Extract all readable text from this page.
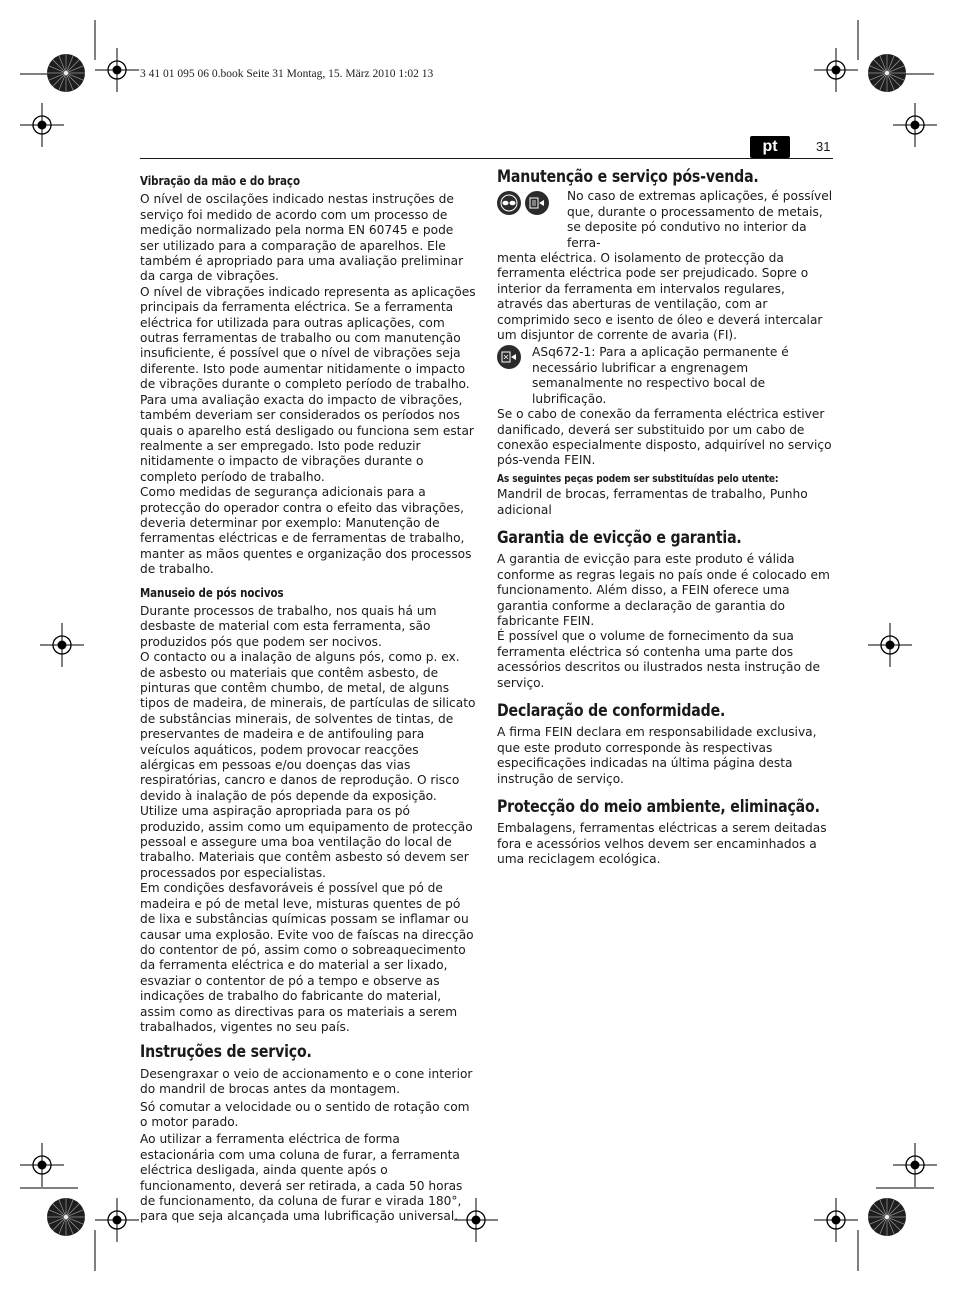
3 41 01 095 06 0.book Seite 31 Montag, 15. März 2010 1:02 13
pt	31
Vibração da mão e do braço

O nível de oscilações indicado nestas instruções de serviço foi medido de acordo com um processo de medição normalizado pela norma EN 60745 e pode ser utilizado para a comparação de aparelhos. Ele também é apropriado para uma avaliação preliminar da carga de vibrações.

O nível de vibrações indicado representa as aplicações principais da ferramenta eléctrica. Se a ferramenta eléctrica for utilizada para outras aplicações, com outras ferramentas de trabalho ou com manutenção insuficiente, é possível que o nível de vibrações seja diferente. Isto pode aumentar nitidamente o impacto de vibrações durante o completo período de trabalho.

Para uma avaliação exacta do impacto de vibrações, também deveriam ser considerados os períodos nos quais o aparelho está desligado ou funciona sem estar realmente a ser empregado. Isto pode reduzir nitidamente o impacto de vibrações durante o completo período de trabalho.

Como medidas de segurança adicionais para a protecção do operador contra o efeito das vibrações, deveria determinar por exemplo: Manutenção de ferramentas eléctricas e de ferramentas de trabalho, manter as mãos quentes e organização dos processos de trabalho.

Manuseio de pós nocivos

Durante processos de trabalho, nos quais há um desbaste de material com esta ferramenta, são produzidos pós que podem ser nocivos.

O contacto ou a inalação de alguns pós, como p. ex. de asbesto ou materiais que contêm asbesto, de pinturas que contêm chumbo, de metal, de alguns tipos de madeira, de minerais, de partículas de silicato de substâncias minerais, de solventes de tintas, de preservantes de madeira e de antifouling para veículos aquáticos, podem provocar reacções alérgicas em pessoas e/ou doenças das vias respiratórias, cancro e danos de reprodução. O risco devido à inalação de pós depende da exposição. Utilize uma aspiração apropriada para os pó produzido, assim como um equipamento de protecção pessoal e assegure uma boa ventilação do local de trabalho. Materiais que contêm asbesto só devem ser processados por especialistas.

Em condições desfavoráveis é possível que pó de madeira e pó de metal leve, misturas quentes de pó de lixa e substâncias químicas possam se inflamar ou causar uma explosão. Evite voo de faíscas na direcção do contentor de pó, assim como o sobreaquecimento da ferramenta eléctrica e do material a ser lixado, esvaziar o contentor de pó a tempo e observe as indicações de trabalho do fabricante do material, assim como as directivas para os materiais a serem trabalhados, vigentes no seu país.

Instruções de serviço.

Desengraxar o veio de accionamento e o cone interior do mandril de brocas antes da montagem.

Só comutar a velocidade ou o sentido de rotação com o motor parado.

Ao utilizar a ferramenta eléctrica de forma estacionária com uma coluna de furar, a ferramenta eléctrica desligada, ainda quente após o funcionamento, deverá ser retirada, a cada 50 horas de funcionamento, da coluna de furar e virada 180°, para que seja alcançada uma lubrificação universal.

Manutenção e serviço pós-venda.

No caso de extremas aplicações, é possível que, durante o processamento de metais, se deposite pó condutivo no interior da ferra-

menta eléctrica. O isolamento de protecção da ferramenta eléctrica pode ser prejudicado. Sopre o interior da ferramenta em intervalos regulares, através das aberturas de ventilação, com ar comprimido seco e isento de óleo e deverá intercalar um disjuntor de corrente de avaria (FI).

ASq672-1: Para a aplicação permanente é necessário lubrificar a engrenagem semanalmente no respectivo bocal de lubrificação.

Se o cabo de conexão da ferramenta eléctrica estiver danificado, deverá ser substituido por um cabo de conexão especialmente disposto, adquirível no serviço pós-venda FEIN.

As seguintes peças podem ser substituídas pelo utente:

Mandril de brocas, ferramentas de trabalho, Punho adicional

Garantia de evicção e garantia.

A garantia de evicção para este produto é válida conforme as regras legais no país onde é colocado em funcionamento. Além disso, a FEIN oferece uma garantia conforme a declaração de garantia do fabricante FEIN.

É possível que o volume de fornecimento da sua ferramenta eléctrica só contenha uma parte dos acessórios descritos ou ilustrados nesta instrução de serviço.

Declaração de conformidade.

A firma FEIN declara em responsabilidade exclusiva, que este produto corresponde às respectivas especificações indicadas na última página desta instrução de serviço.

Protecção do meio ambiente, eliminação.

Embalagens, ferramentas eléctricas a serem deitadas fora e acessórios velhos devem ser encaminhados a uma reciclagem ecológica.
